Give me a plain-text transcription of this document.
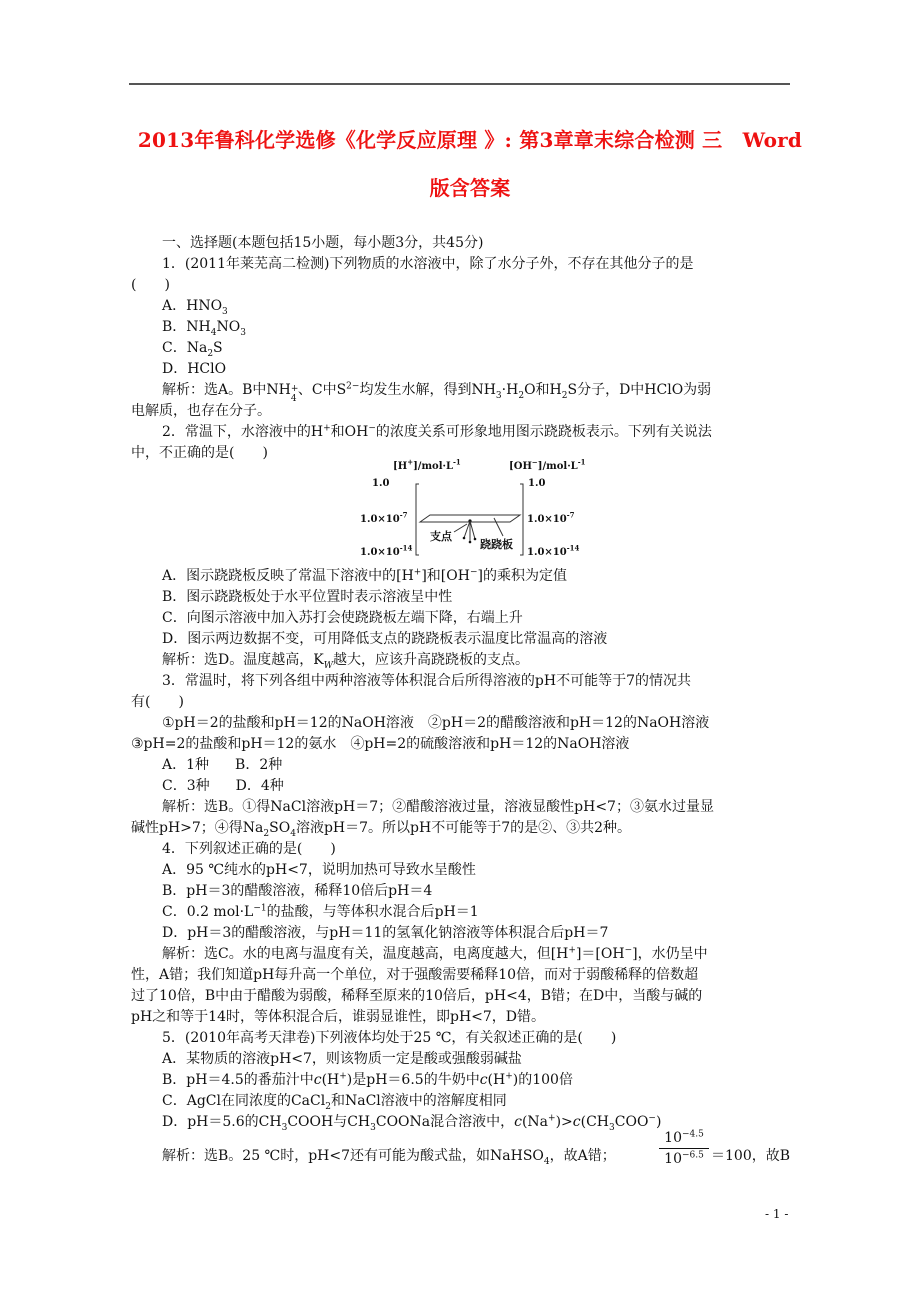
2013年鲁科化学选修《化学反应原理 》: 第3章章末综合检测 三　Word
版含答案
一、选择题(本题包括15小题，每小题3分，共45分)
1．(2011年莱芜高二检测)下列物质的水溶液中，除了水分子外，不存在其他分子的是
(　　)
A．$HNO_3$
B．$NH_4NO_3$
C．$Na_2S$
D．HClO
解析：选A。B中NH +
4
、C中$S^{2-}$均发生水解，得到$NH_3\cdot H_2O$和$H_2S$分子，D中HClO为弱
电解质，也存在分子。
2．常温下，水溶液中的H+和OH−的浓度关系可形象地用图示跷跷板表示。下列有关说法
中，不正确的是(　　)
$[H^+]/mol\cdot L^{-1}$	$[OH^-]/mol\cdot L^{-1}$
1.0	1.0
$1.0\times 10^{-7}$	$1.0\times 10^{-7}$
$1.0\times 10^{-14}$	$1.0\times 10^{-14}$
支点
跷跷板
A．图示跷跷板反映了常温下溶液中的[H+]和[OH−]的乘积为定值
B．图示跷跷板处于水平位置时表示溶液呈中性
C．向图示溶液中加入苏打会使跷跷板左端下降，右端上升
D．图示两边数据不变，可用降低支点的跷跷板表示温度比常温高的溶液
解析：选D。温度越高，$K_W$越大，应该升高跷跷板的支点。
3．常温时，将下列各组中两种溶液等体积混合后所得溶液的pH不可能等于7的情况共
有(　　)
①pH＝2的盐酸和pH＝12的NaOH溶液　②pH＝2的醋酸溶液和pH＝12的NaOH溶液
③pH=2的盐酸和pH＝12的氨水　④pH=2的硫酸溶液和pH＝12的NaOH溶液
A．1种 B．2种
C．3种 D．4种
解析：选B。①得NaCl溶液pH＝7；②醋酸溶液过量，溶液显酸性pH<7；③氨水过量显
碱性pH>7；④得$Na_2SO_4$溶液pH＝7。所以pH不可能等于7的是②、③共2种。
4．下列叙述正确的是(　　)
A．95 ℃纯水的pH<7，说明加热可导致水呈酸性
B．pH＝3的醋酸溶液，稀释10倍后pH＝4
C．0.2 $mol\cdot L^{-1}$的盐酸，与等体积水混合后pH＝1
D．pH＝3的醋酸溶液，与pH＝11的氢氧化钠溶液等体积混合后pH＝7
解析：选C。水的电离与温度有关，温度越高，电离度越大，但[H+]＝[OH−]，水仍呈中
性，A错；我们知道pH每升高一个单位，对于强酸需要稀释10倍，而对于弱酸稀释的倍数超
过了10倍，B中由于醋酸为弱酸，稀释至原来的10倍后，pH<4，B错；在D中，当酸与碱的
pH之和等于14时，等体积混合后，谁弱显谁性，即pH<7，D错。
5．(2010年高考天津卷)下列液体均处于25 ℃，有关叙述正确的是(　　)
A．某物质的溶液pH<7，则该物质一定是酸或强酸弱碱盐
B．pH＝4.5的番茄汁中c(H+)是pH＝6.5的牛奶中c(H+)的100倍
C．AgCl在同浓度的CaCl$_2$和NaCl溶液中的溶解度相同
D．pH＝5.6的$CH_3COOH$与$CH_3COONa$混合溶液中，$c(Na^+)>c(CH_3COO^-)$
解析：选B。25 ℃时，pH<7还有可能为酸式盐，如NaHSO$_4$，故A错；	$\frac{10^{-4.5}}{10^{-6.5}} =100$，故B
- 1 -
